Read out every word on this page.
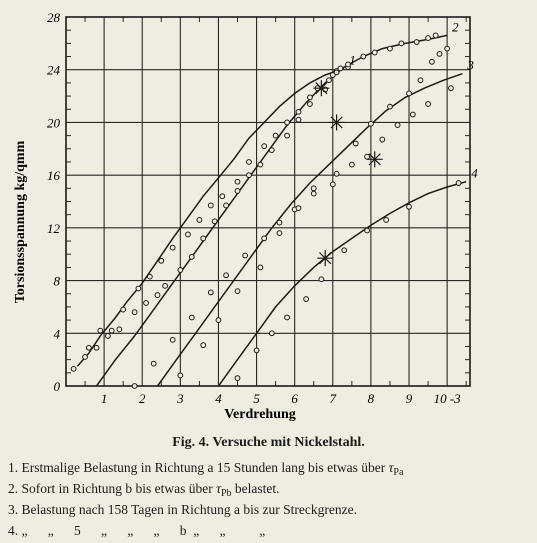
0
4
8
12
16
20
24
28
1 2 3 4 5 6 7 8 9 10 -3
1
2
3
4
Verdrehung
Torsionsspannung kg/qmm
Fig. 4. Versuche mit Nickelstahl.
1. Erstmalige Belastung in Richtung a 15 Stunden lang bis etwas über $\tau_{Pa}$
2. Sofort in Richtung b bis etwas über $\tau_{Pb}$ belastet.
3. Belastung nach 158 Tagen in Richtung a bis zur Streckgrenze.
4. „      „      5      „      „      „      b  „      „          „
